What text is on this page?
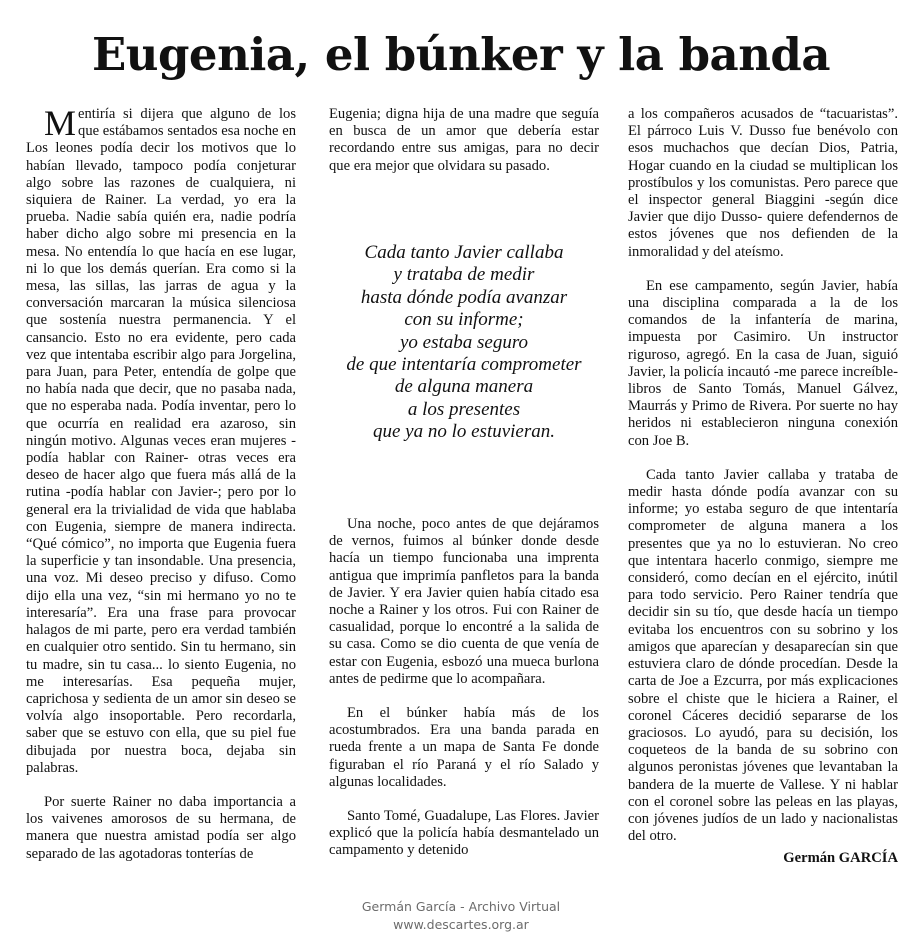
Eugenia, el búnker y la banda

Mentiría si dijera que alguno de los que estábamos sentados esa noche en Los leones podía decir los motivos que lo habían llevado, tampoco podía conjeturar algo sobre las razones de cualquiera, ni siquiera de Rainer. La verdad, yo era la prueba. Nadie sabía quién era, nadie podría haber dicho algo sobre mi presencia en la mesa. No entendía lo que hacía en ese lugar, ni lo que los demás querían. Era como si la mesa, las sillas, las jarras de agua y la conversación marcaran la música silenciosa que sostenía nuestra permanencia. Y el cansancio. Esto no era evidente, pero cada vez que intentaba escribir algo para Jorgelina, para Juan, para Peter, entendía de golpe que no había nada que decir, que no pasaba nada, que no esperaba nada. Podía inventar, pero lo que ocurría en realidad era azaroso, sin ningún motivo. Algunas veces eran mujeres -podía hablar con Rainer- otras veces era deseo de hacer algo que fuera más allá de la rutina -podía hablar con Javier-; pero por lo general era la trivialidad de vida que hablaba con Eugenia, siempre de manera indirecta. “Qué cómico”, no importa que Eugenia fuera la superficie y tan insondable. Una presencia, una voz. Mi deseo preciso y difuso. Como dijo ella una vez, “sin mi hermano yo no te interesaría”. Era una frase para provocar halagos de mi parte, pero era verdad también en cualquier otro sentido. Sin tu hermano, sin tu madre, sin tu casa... lo siento Eugenia, no me interesarías. Esa pequeña mujer, caprichosa y sedienta de un amor sin deseo se volvía algo insoportable. Pero recordarla, saber que se estuvo con ella, que su piel fue dibujada por nuestra boca, dejaba sin palabras.

Por suerte Rainer no daba importancia a los vaivenes amorosos de su hermana, de manera que nuestra amistad podía ser algo separado de las agotadoras tonterías de

Eugenia; digna hija de una madre que seguía en busca de un amor que debería estar recordando entre sus amigas, para no decir que era mejor que olvidara su pasado.

Cada tanto Javier callaba
y trataba de medir
hasta dónde podía avanzar
con su informe;
yo estaba seguro
de que intentaría comprometer
de alguna manera
a los presentes
que ya no lo estuvieran.

Una noche, poco antes de que dejáramos de vernos, fuimos al búnker donde desde hacía un tiempo funcionaba una imprenta antigua que imprimía panfletos para la banda de Javier. Y era Javier quien había citado esa noche a Rainer y los otros. Fui con Rainer de casualidad, porque lo encontré a la salida de su casa. Como se dio cuenta de que venía de estar con Eugenia, esbozó una mueca burlona antes de pedirme que lo acompañara.

En el búnker había más de los acostumbrados. Era una banda parada en rueda frente a un mapa de Santa Fe donde figuraban el río Paraná y el río Salado y algunas localidades.

Santo Tomé, Guadalupe, Las Flores. Javier explicó que la policía había desmantelado un campamento y detenido

a los compañeros acusados de “tacuaristas”. El párroco Luis V. Dusso fue benévolo con esos muchachos que decían Dios, Patria, Hogar cuando en la ciudad se multiplican los prostíbulos y los comunistas. Pero parece que el inspector general Biaggini -según dice Javier que dijo Dusso- quiere defendernos de estos jóvenes que nos defienden de la inmoralidad y del ateísmo.

En ese campamento, según Javier, había una disciplina comparada a la de los comandos de la infantería de marina, impuesta por Casimiro. Un instructor riguroso, agregó. En la casa de Juan, siguió Javier, la policía incautó -me parece increíble- libros de Santo Tomás, Manuel Gálvez, Maurrás y Primo de Rivera. Por suerte no hay heridos ni establecieron ninguna conexión con Joe B.

Cada tanto Javier callaba y trataba de medir hasta dónde podía avanzar con su informe; yo estaba seguro de que intentaría comprometer de alguna manera a los presentes que ya no lo estuvieran. No creo que intentara hacerlo conmigo, siempre me consideró, como decían en el ejército, inútil para todo servicio. Pero Rainer tendría que decidir sin su tío, que desde hacía un tiempo evitaba los encuentros con su sobrino y los amigos que aparecían y desaparecían sin que estuviera claro de dónde procedían. Desde la carta de Joe a Ezcurra, por más explicaciones sobre el chiste que le hiciera a Rainer, el coronel Cáceres decidió separarse de los graciosos. Lo ayudó, para su decisión, los coqueteos de la banda de su sobrino con algunos peronistas jóvenes que levantaban la bandera de la muerte de Vallese. Y ni hablar con el coronel sobre las peleas en las playas, con jóvenes judíos de un lado y nacionalistas del otro.

Germán GARCÍA
Germán García - Archivo Virtual
www.descartes.org.ar
